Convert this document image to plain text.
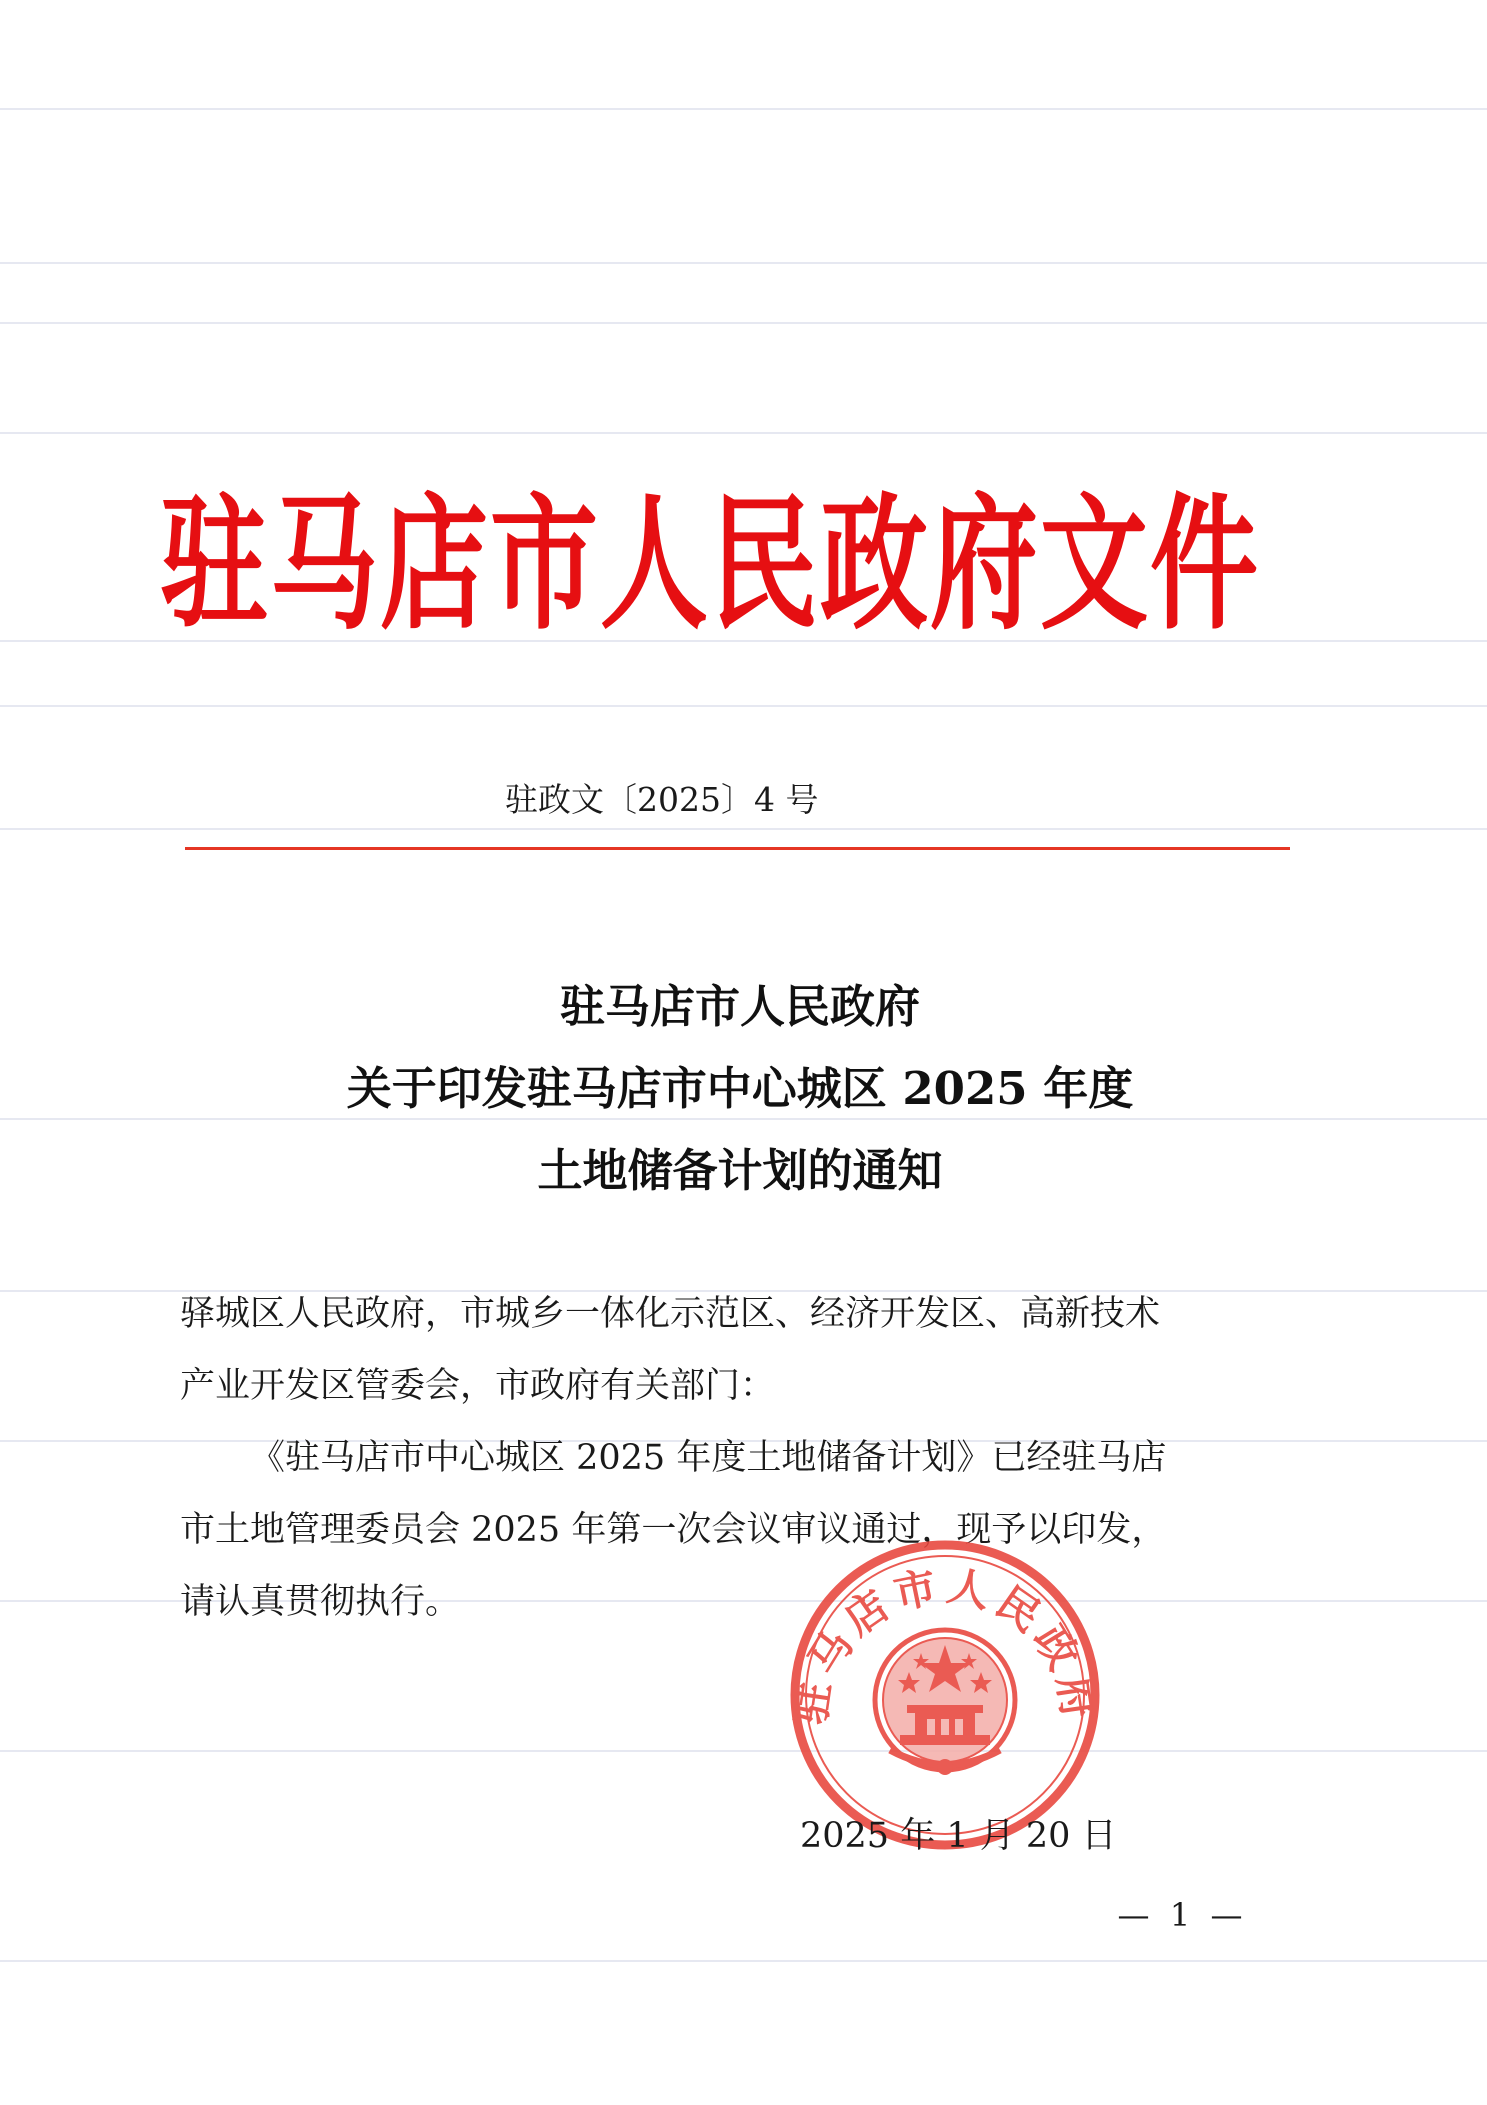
驻马店市人民政府文件
驻政文〔2025〕4 号
驻马店市人民政府
关于印发驻马店市中心城区 2025 年度
土地储备计划的通知
驿城区人民政府，市城乡一体化示范区、经济开发区、高新技术
产业开发区管委会，市政府有关部门：
《驻马店市中心城区 2025 年度土地储备计划》已经驻马店
市土地管理委员会 2025 年第一次会议审议通过，现予以印发，
请认真贯彻执行。
驻马店市人民政府
2025 年 1 月 20 日
—  1  —
